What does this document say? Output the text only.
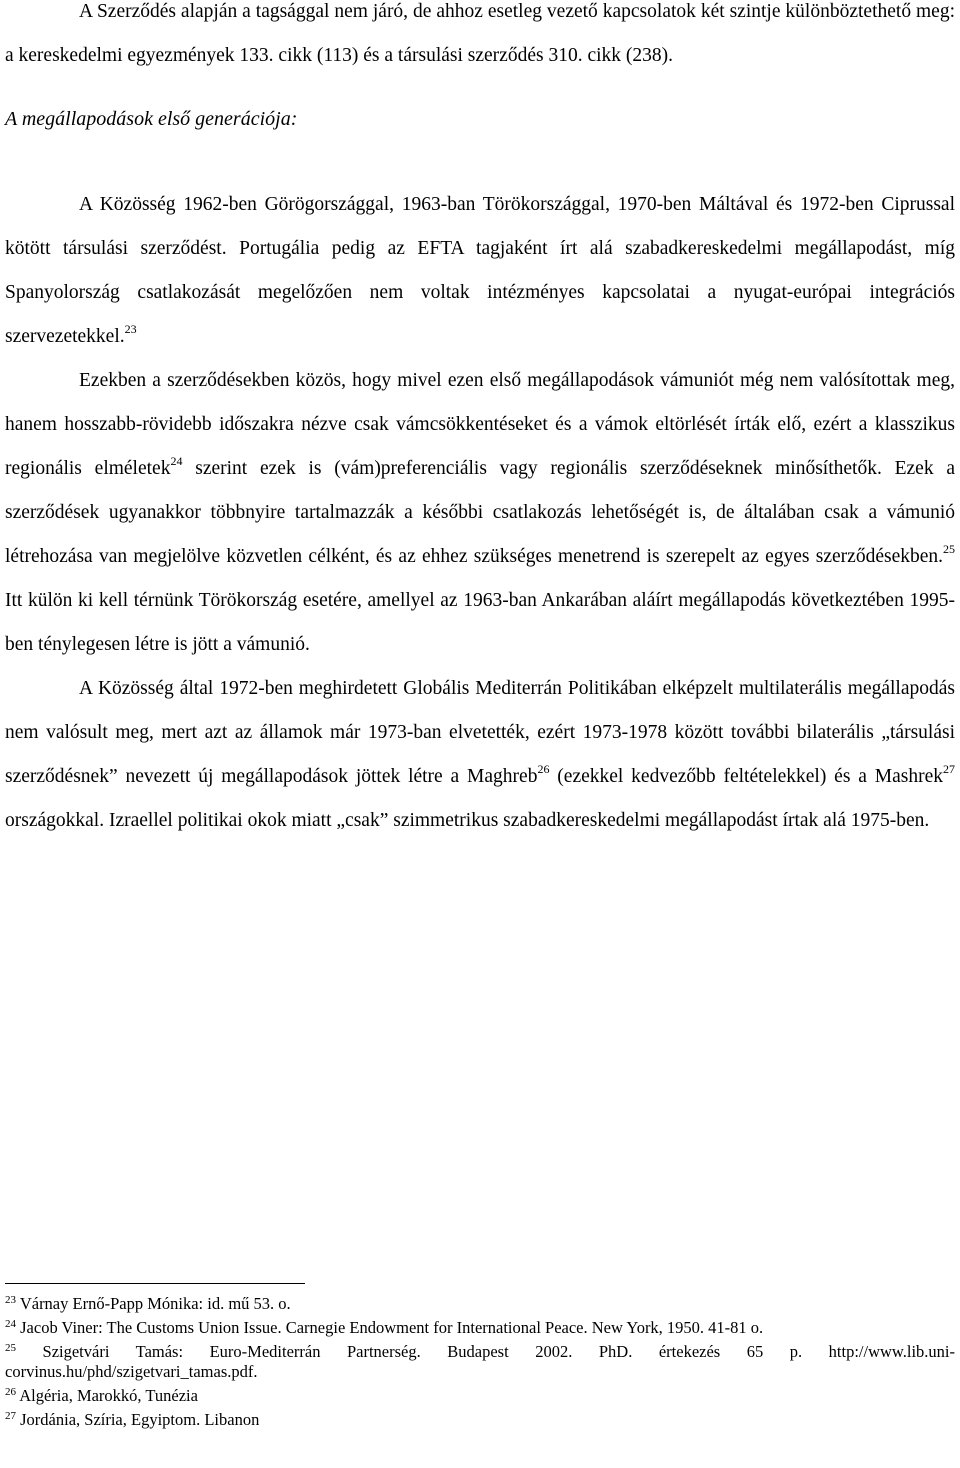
A Szerződés alapján a tagsággal nem járó, de ahhoz esetleg vezető kapcsolatok két szintje különböztethető meg: a kereskedelmi egyezmények 133. cikk (113) és a társulási szerződés 310. cikk (238).

A megállapodások első generációja:

A Közösség 1962-ben Görögországgal, 1963-ban Törökországgal, 1970-ben Máltával és 1972-ben Ciprussal kötött társulási szerződést. Portugália pedig az EFTA tagjaként írt alá szabadkereskedelmi megállapodást, míg Spanyolország csatlakozását megelőzően nem voltak intézményes kapcsolatai a nyugat-európai integrációs szervezetekkel.$^{23}$

Ezekben a szerződésekben közös, hogy mivel ezen első megállapodások vámuniót még nem valósítottak meg, hanem hosszabb-rövidebb időszakra nézve csak vámcsökkentéseket és a vámok eltörlését írták elő, ezért a klasszikus regionális elméletek$^{24}$ szerint ezek is (vám)preferenciális vagy regionális szerződéseknek minősíthetők. Ezek a szerződések ugyanakkor többnyire tartalmazzák a későbbi csatlakozás lehetőségét is, de általában csak a vámunió létrehozása van megjelölve közvetlen célként, és az ehhez szükséges menetrend is szerepelt az egyes szerződésekben.$^{25}$ Itt külön ki kell térnünk Törökország esetére, amellyel az 1963-ban Ankarában aláírt megállapodás következtében 1995-ben ténylegesen létre is jött a vámunió.

A Közösség által 1972-ben meghirdetett Globális Mediterrán Politikában elképzelt multilaterális megállapodás nem valósult meg, mert azt az államok már 1973-ban elvetették, ezért 1973-1978 között további bilaterális „társulási szerződésnek” nevezett új megállapodások jöttek létre a Maghreb$^{26}$ (ezekkel kedvezőbb feltételekkel) és a Mashrek$^{27}$ országokkal. Izraellel politikai okok miatt „csak” szimmetrikus szabadkereskedelmi megállapodást írtak alá 1975-ben.

$^{23}$ Várnay Ernő-Papp Mónika: id. mű 53. o.

$^{24}$ Jacob Viner: The Customs Union Issue. Carnegie Endowment for International Peace. New York, 1950. 41-81 o.

$^{25}$ Szigetvári Tamás: Euro-Mediterrán Partnerség. Budapest 2002. PhD. értekezés 65 p. http://www.lib.uni-corvinus.hu/phd/szigetvari_tamas.pdf.

$^{26}$ Algéria, Marokkó, Tunézia

$^{27}$ Jordánia, Szíria, Egyiptom. Libanon
